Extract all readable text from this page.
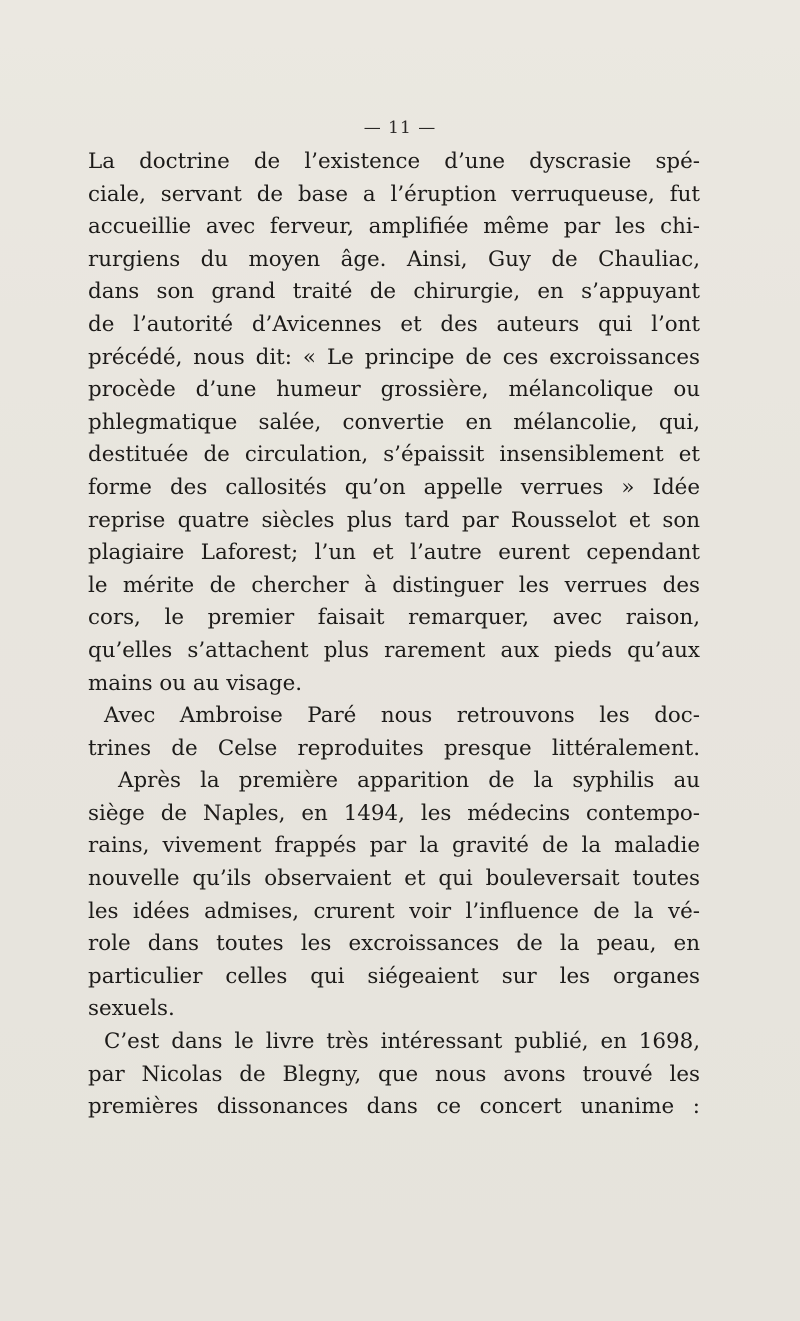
— 11 —
La doctrine de l’existence d’une dyscrasie spé-
ciale, servant de base a l’éruption verruqueuse, fut
accueillie avec ferveur, amplifiée même par les chi-
rurgiens du moyen âge. Ainsi, Guy de Chauliac,
dans son grand traité de chirurgie, en s’appuyant
de l’autorité d’Avicennes et des auteurs qui l’ont
précédé, nous dit: « Le principe de ces excroissances
procède d’une humeur grossière, mélancolique ou
phlegmatique salée, convertie en mélancolie, qui,
destituée de circulation, s’épaissit insensiblement et
forme des callosités qu’on appelle verrues » Idée
reprise quatre siècles plus tard par Rousselot et son
plagiaire Laforest; l’un et l’autre eurent cependant
le mérite de chercher à distinguer les verrues des
cors, le premier faisait remarquer, avec raison,
qu’elles s’attachent plus rarement aux pieds qu’aux
mains ou au visage.
Avec Ambroise Paré nous retrouvons les doc-
trines de Celse reproduites presque littéralement.
Après la première apparition de la syphilis au
siège de Naples, en 1494, les médecins contempo-
rains, vivement frappés par la gravité de la maladie
nouvelle qu’ils observaient et qui bouleversait toutes
les idées admises, crurent voir l’influence de la vé-
role dans toutes les excroissances de la peau, en
particulier celles qui siégeaient sur les organes
sexuels.
C’est dans le livre très intéressant publié, en 1698,
par Nicolas de Blegny, que nous avons trouvé les
premières dissonances dans ce concert unanime :
